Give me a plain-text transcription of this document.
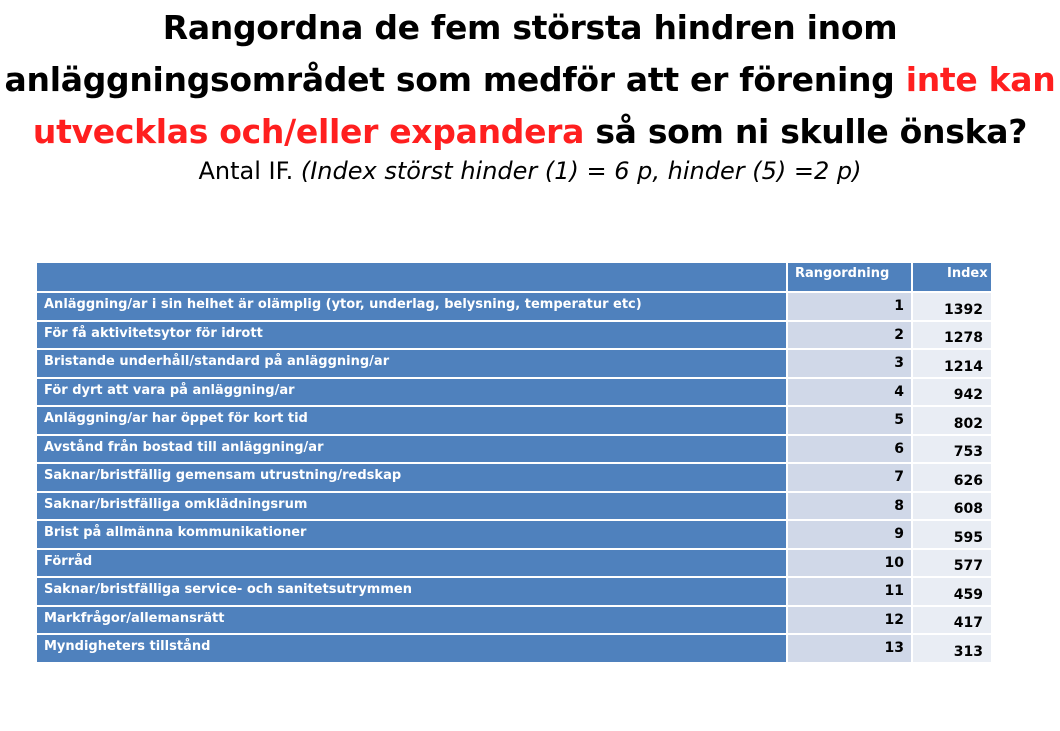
Rangordna de fem största hindren inom anläggningsområdet som medför att er förening inte kan utvecklas och/eller expandera så som ni skulle önska?
Antal IF. (Index störst hinder (1) = 6 p, hinder (5) =2 p)
	Rangordning	Index
Anläggning/ar i sin helhet är olämplig (ytor, underlag, belysning, temperatur etc)	1	1392
För få aktivitetsytor för idrott	2	1278
Bristande underhåll/standard på anläggning/ar	3	1214
För dyrt att vara på anläggning/ar	4	942
Anläggning/ar har öppet för kort tid	5	802
Avstånd från bostad till anläggning/ar	6	753
Saknar/bristfällig gemensam utrustning/redskap	7	626
Saknar/bristfälliga omklädningsrum	8	608
Brist på allmänna kommunikationer	9	595
Förråd	10	577
Saknar/bristfälliga service- och sanitetsutrymmen	11	459
Markfrågor/allemansrätt	12	417
Myndigheters tillstånd	13	313
